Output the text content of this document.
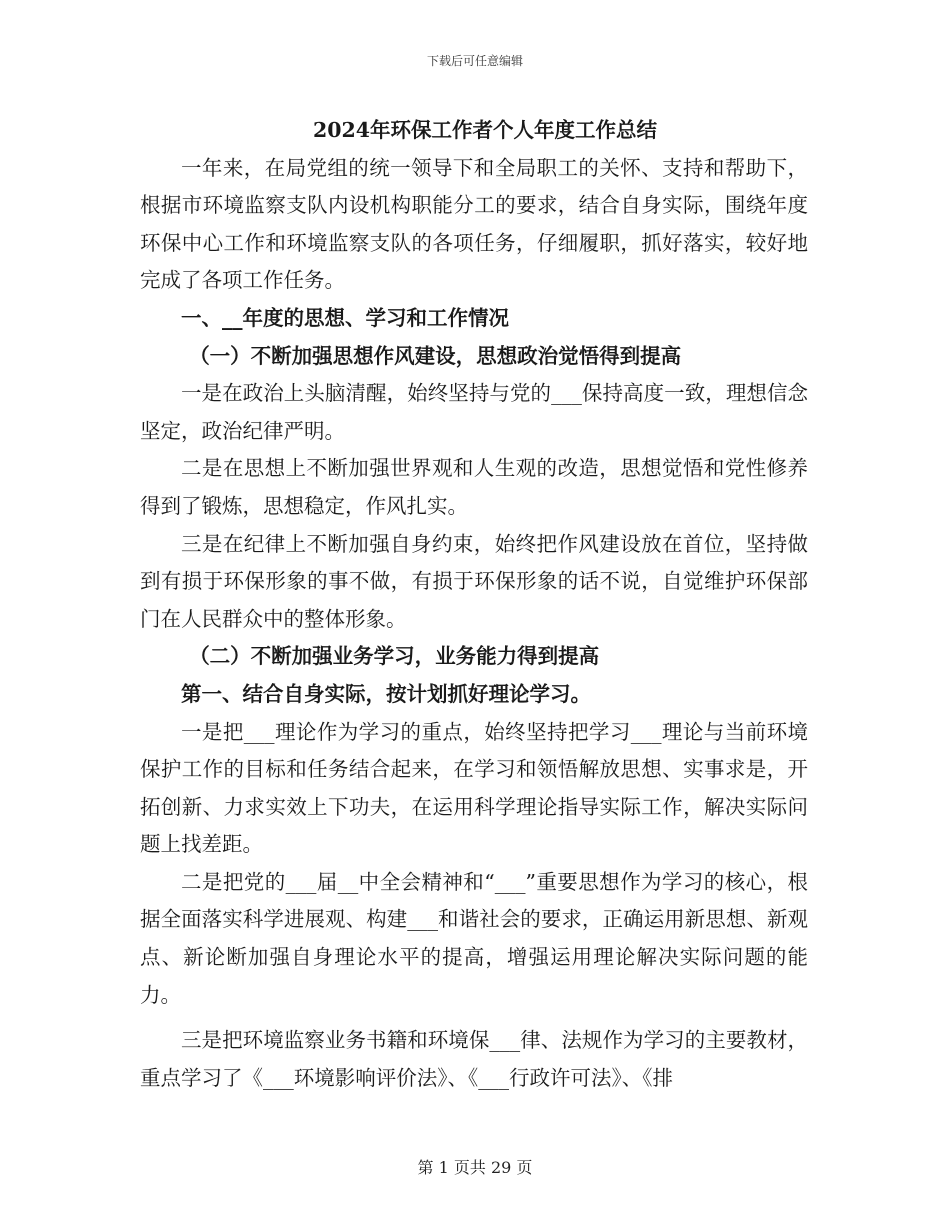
下载后可任意编辑
2024年环保工作者个人年度工作总结

一年来，在局党组的统一领导下和全局职工的关怀、支持和帮助下，根据市环境监察支队内设机构职能分工的要求，结合自身实际，围绕年度环保中心工作和环境监察支队的各项任务，仔细履职，抓好落实，较好地完成了各项工作任务。

一、__年度的思想、学习和工作情况
（一）不断加强思想作风建设，思想政治觉悟得到提高

一是在政治上头脑清醒，始终坚持与党的___保持高度一致，理想信念坚定，政治纪律严明。

二是在思想上不断加强世界观和人生观的改造，思想觉悟和党性修养得到了锻炼，思想稳定，作风扎实。

三是在纪律上不断加强自身约束，始终把作风建设放在首位，坚持做到有损于环保形象的事不做，有损于环保形象的话不说，自觉维护环保部门在人民群众中的整体形象。

（二）不断加强业务学习，业务能力得到提高
第一、结合自身实际，按计划抓好理论学习。

一是把___理论作为学习的重点，始终坚持把学习___理论与当前环境保护工作的目标和任务结合起来，在学习和领悟解放思想、实事求是，开拓创新、力求实效上下功夫，在运用科学理论指导实际工作，解决实际问题上找差距。

二是把党的___届__中全会精神和“___”重要思想作为学习的核心，根据全面落实科学进展观、构建___和谐社会的要求，正确运用新思想、新观点、新论断加强自身理论水平的提高，增强运用理论解决实际问题的能力。

三是把环境监察业务书籍和环境保___律、法规作为学习的主要教材，重点学习了《___环境影响评价法》、《___行政许可法》、《排

第 1 页共 29 页
